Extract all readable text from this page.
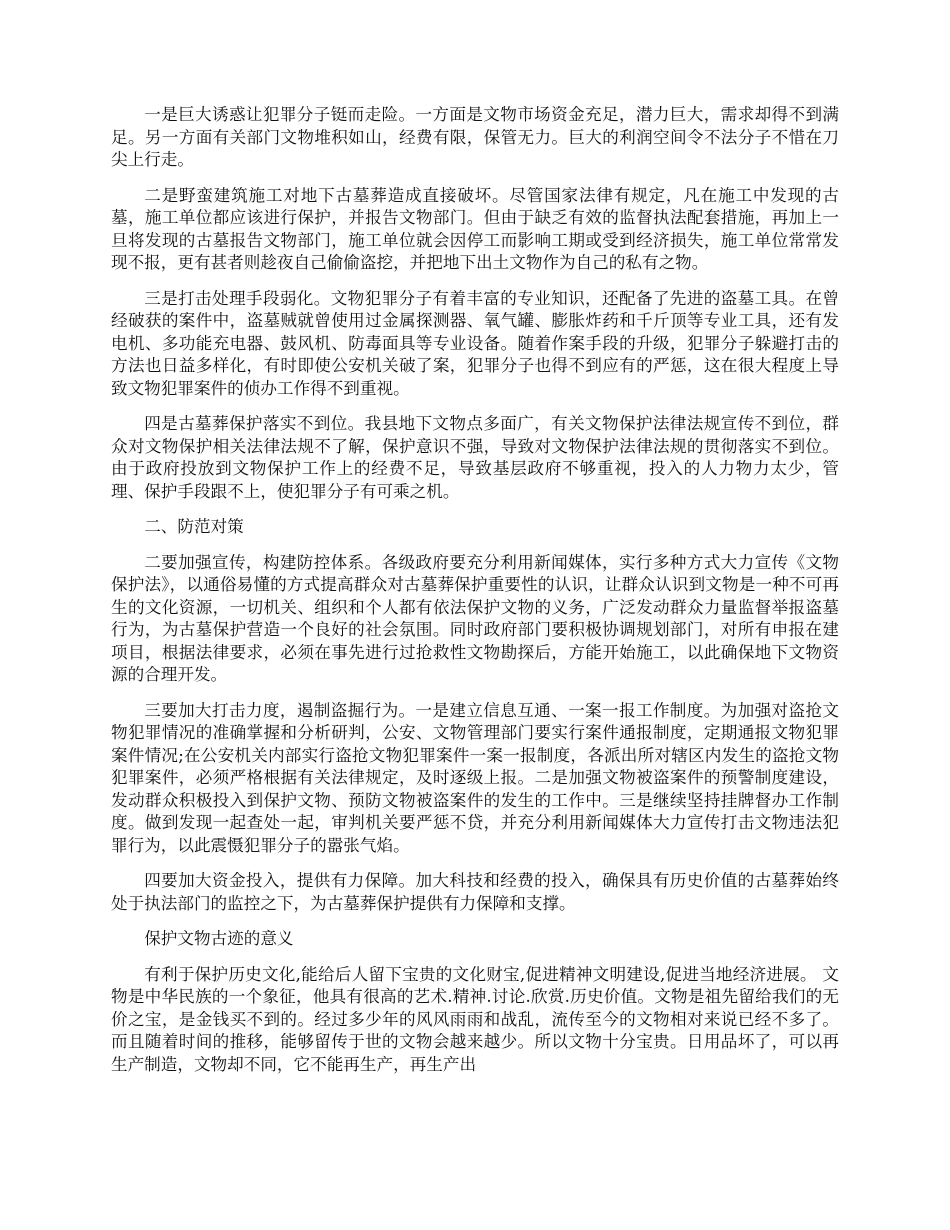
一是巨大诱惑让犯罪分子铤而走险。一方面是文物市场资金充足，潜力巨大，需求却得不到满足。另一方面有关部门文物堆积如山，经费有限，保管无力。巨大的利润空间令不法分子不惜在刀尖上行走。

二是野蛮建筑施工对地下古墓葬造成直接破坏。尽管国家法律有规定，凡在施工中发现的古墓，施工单位都应该进行保护，并报告文物部门。但由于缺乏有效的监督执法配套措施，再加上一旦将发现的古墓报告文物部门，施工单位就会因停工而影响工期或受到经济损失，施工单位常常发现不报，更有甚者则趁夜自己偷偷盗挖，并把地下出土文物作为自己的私有之物。

三是打击处理手段弱化。文物犯罪分子有着丰富的专业知识，还配备了先进的盗墓工具。在曾经破获的案件中，盗墓贼就曾使用过金属探测器、氧气罐、膨胀炸药和千斤顶等专业工具，还有发电机、多功能充电器、鼓风机、防毒面具等专业设备。随着作案手段的升级，犯罪分子躲避打击的方法也日益多样化，有时即使公安机关破了案，犯罪分子也得不到应有的严惩，这在很大程度上导致文物犯罪案件的侦办工作得不到重视。

四是古墓葬保护落实不到位。我县地下文物点多面广，有关文物保护法律法规宣传不到位，群众对文物保护相关法律法规不了解，保护意识不强，导致对文物保护法律法规的贯彻落实不到位。由于政府投放到文物保护工作上的经费不足，导致基层政府不够重视，投入的人力物力太少，管理、保护手段跟不上，使犯罪分子有可乘之机。

二、防范对策

二要加强宣传，构建防控体系。各级政府要充分利用新闻媒体，实行多种方式大力宣传《文物保护法》，以通俗易懂的方式提高群众对古墓葬保护重要性的认识，让群众认识到文物是一种不可再生的文化资源，一切机关、组织和个人都有依法保护文物的义务，广泛发动群众力量监督举报盗墓行为，为古墓保护营造一个良好的社会氛围。同时政府部门要积极协调规划部门，对所有申报在建项目，根据法律要求，必须在事先进行过抢救性文物勘探后，方能开始施工，以此确保地下文物资源的合理开发。

三要加大打击力度，遏制盗掘行为。一是建立信息互通、一案一报工作制度。为加强对盗抢文物犯罪情况的准确掌握和分析研判，公安、文物管理部门要实行案件通报制度，定期通报文物犯罪案件情况;在公安机关内部实行盗抢文物犯罪案件一案一报制度，各派出所对辖区内发生的盗抢文物犯罪案件，必须严格根据有关法律规定，及时逐级上报。二是加强文物被盗案件的预警制度建设，发动群众积极投入到保护文物、预防文物被盗案件的发生的工作中。三是继续坚持挂牌督办工作制度。做到发现一起查处一起，审判机关要严惩不贷，并充分利用新闻媒体大力宣传打击文物违法犯罪行为，以此震慑犯罪分子的嚣张气焰。

四要加大资金投入，提供有力保障。加大科技和经费的投入，确保具有历史价值的古墓葬始终处于执法部门的监控之下，为古墓葬保护提供有力保障和支撑。

保护文物古迹的意义

有利于保护历史文化,能给后人留下宝贵的文化财宝,促进精神文明建设,促进当地经济进展。 文物是中华民族的一个象征，他具有很高的艺术.精神.讨论.欣赏.历史价值。文物是祖先留给我们的无价之宝，是金钱买不到的。经过多少年的风风雨雨和战乱，流传至今的文物相对来说已经不多了。而且随着时间的推移，能够留传于世的文物会越来越少。所以文物十分宝贵。日用品坏了，可以再生产制造，文物却不同，它不能再生产，再生产出
